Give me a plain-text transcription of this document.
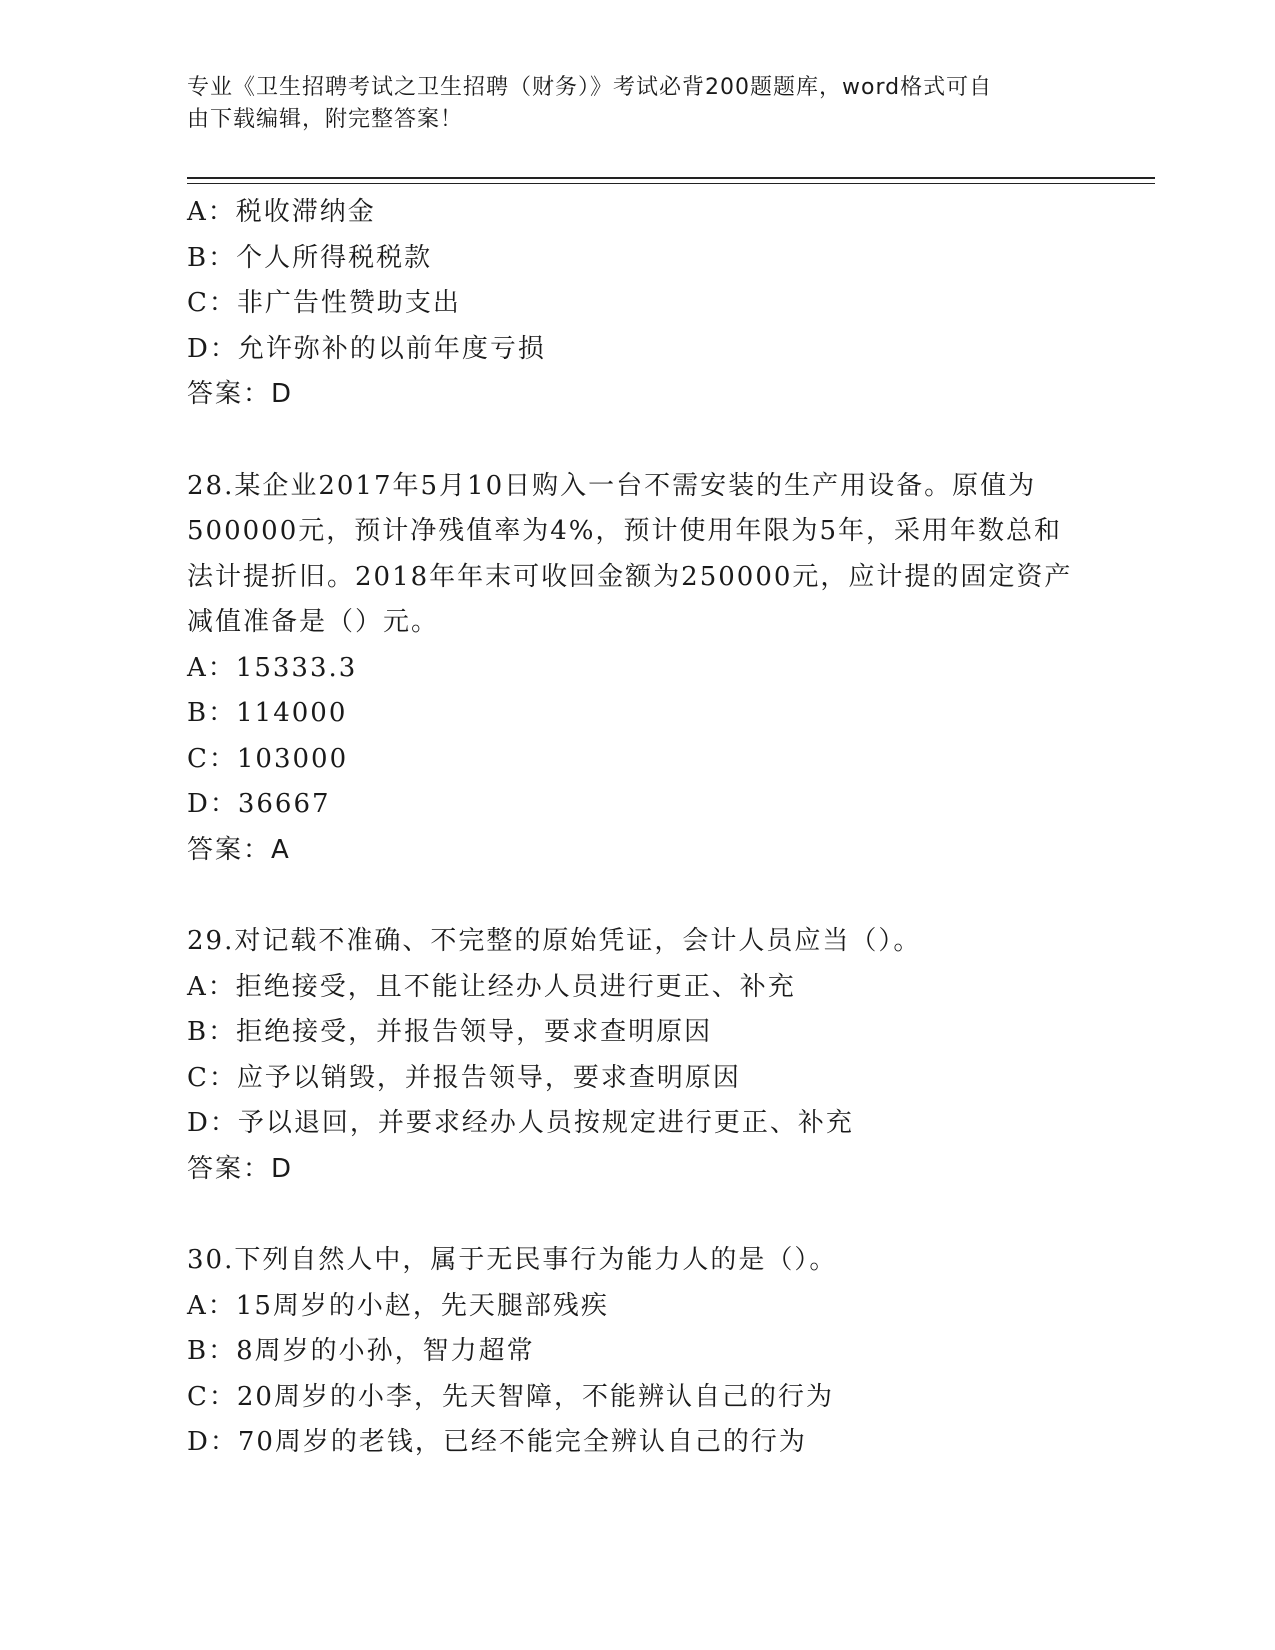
专业《卫生招聘考试之卫生招聘（财务）》考试必背200题题库，word格式可自
由下载编辑，附完整答案！
A：税收滞纳金
B：个人所得税税款
C：非广告性赞助支出
D：允许弥补的以前年度亏损
答案：D
28.某企业2017年5月10日购入一台不需安装的生产用设备。原值为
500000元，预计净残值率为4%，预计使用年限为5年，采用年数总和
法计提折旧。2018年年末可收回金额为250000元，应计提的固定资产
减值准备是（）元。
A：15333.3
B：114000
C：103000
D：36667
答案：A
29.对记载不准确、不完整的原始凭证，会计人员应当（）。
A：拒绝接受，且不能让经办人员进行更正、补充
B：拒绝接受，并报告领导，要求查明原因
C：应予以销毁，并报告领导，要求查明原因
D：予以退回，并要求经办人员按规定进行更正、补充
答案：D
30.下列自然人中，属于无民事行为能力人的是（）。
A：15周岁的小赵，先天腿部残疾
B：8周岁的小孙，智力超常
C：20周岁的小李，先天智障，不能辨认自己的行为
D：70周岁的老钱，已经不能完全辨认自己的行为
